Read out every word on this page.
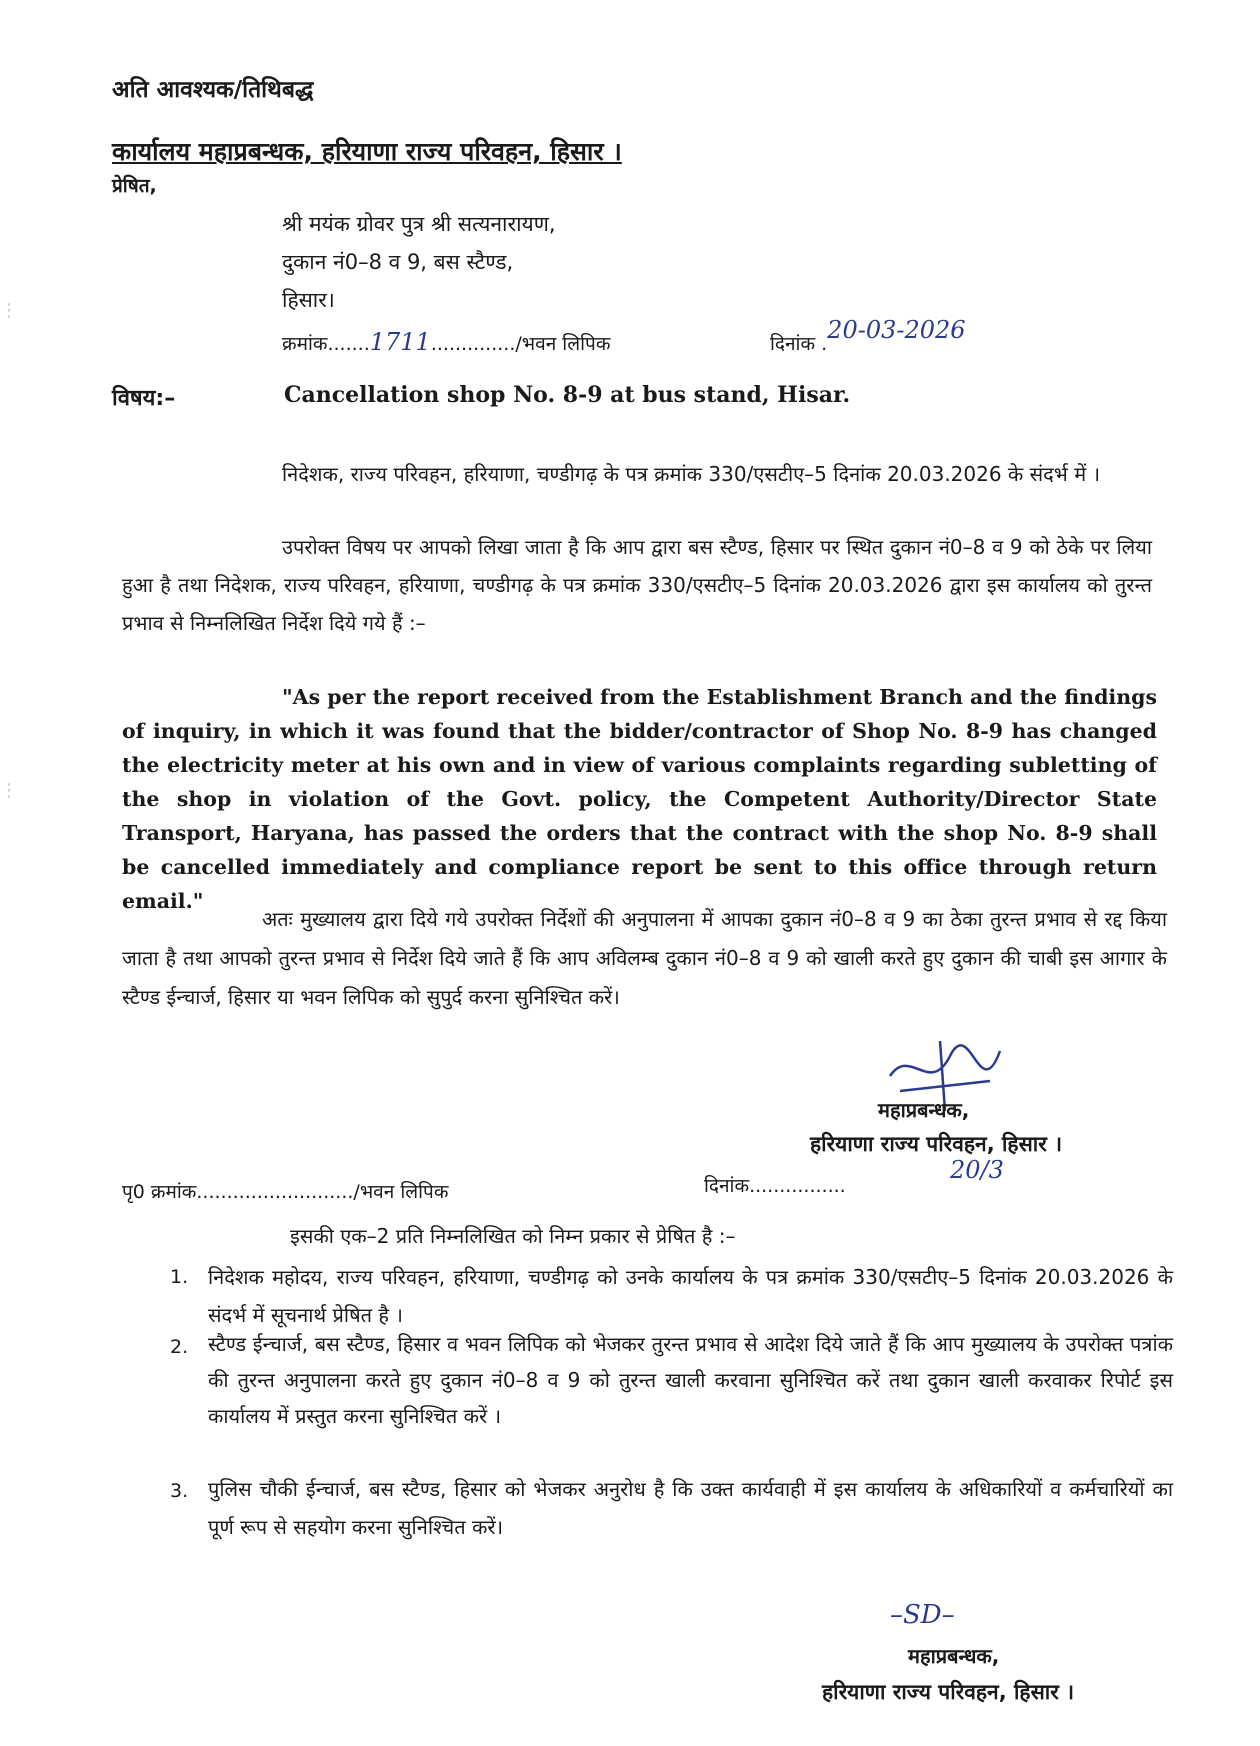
अति आवश्यक/तिथिबद्ध
कार्यालय महाप्रबन्धक, हरियाणा राज्य परिवहन, हिसार ।
प्रेषित,
श्री मयंक ग्रोवर पुत्र श्री सत्यनारायण,
दुकान नं0–8 व 9, बस स्टैण्ड,
हिसार।
⋮
⋮
क्रमांक.......1711............../भवन लिपिक	दिनांक .20-03-2026
विषय:–	Cancellation shop No. 8-9 at bus stand, Hisar.
निदेशक, राज्य परिवहन, हरियाणा, चण्डीगढ़ के पत्र क्रमांक 330/एसटीए–5 दिनांक 20.03.2026 के संदर्भ में ।
उपरोक्त विषय पर आपको लिखा जाता है कि आप द्वारा बस स्टैण्ड, हिसार पर स्थित दुकान नं0–8 व 9 को ठेके पर लिया हुआ है तथा निदेशक, राज्य परिवहन, हरियाणा, चण्डीगढ़ के पत्र क्रमांक 330/एसटीए–5 दिनांक 20.03.2026 द्वारा इस कार्यालय को तुरन्त प्रभाव से निम्नलिखित निर्देश दिये गये हैं :–
"As per the report received from the Establishment Branch and the findings of inquiry, in which it was found that the bidder/contractor of Shop No. 8-9 has changed the electricity meter at his own and in view of various complaints regarding subletting of the shop in violation of the Govt. policy, the Competent Authority/Director State Transport, Haryana, has passed the orders that the contract with the shop No. 8-9 shall be cancelled immediately and compliance report be sent to this office through return email."
अतः मुख्यालय द्वारा दिये गये उपरोक्त निर्देशों की अनुपालना में आपका दुकान नं0–8 व 9 का ठेका तुरन्त प्रभाव से रद्द किया जाता है तथा आपको तुरन्त प्रभाव से निर्देश दिये जाते हैं कि आप अविलम्ब दुकान नं0–8 व 9 को खाली करते हुए दुकान की चाबी इस आगार के स्टैण्ड ईन्चार्ज, हिसार या भवन लिपिक को सुपुर्द करना सुनिश्चित करें।
महाप्रबन्धक,
हरियाणा राज्य परिवहन, हिसार ।
20/3
पृ0 क्रमांक........................../भवन लिपिक	दिनांक................
इसकी एक–2 प्रति निम्नलिखित को निम्न प्रकार से प्रेषित है :–
1. निदेशक महोदय, राज्य परिवहन, हरियाणा, चण्डीगढ़ को उनके कार्यालय के पत्र क्रमांक 330/एसटीए–5 दिनांक 20.03.2026 के संदर्भ में सूचनार्थ प्रेषित है ।
2. स्टैण्ड ईन्चार्ज, बस स्टैण्ड, हिसार व भवन लिपिक को भेजकर तुरन्त प्रभाव से आदेश दिये जाते हैं कि आप मुख्यालय के उपरोक्त पत्रांक की तुरन्त अनुपालना करते हुए दुकान नं0–8 व 9 को तुरन्त खाली करवाना सुनिश्चित करें तथा दुकान खाली करवाकर रिपोर्ट इस कार्यालय में प्रस्तुत करना सुनिश्चित करें ।
3. पुलिस चौकी ईन्चार्ज, बस स्टैण्ड, हिसार को भेजकर अनुरोध है कि उक्त कार्यवाही में इस कार्यालय के अधिकारियों व कर्मचारियों का पूर्ण रूप से सहयोग करना सुनिश्चित करें।
–SD–
महाप्रबन्धक,
हरियाणा राज्य परिवहन, हिसार ।
